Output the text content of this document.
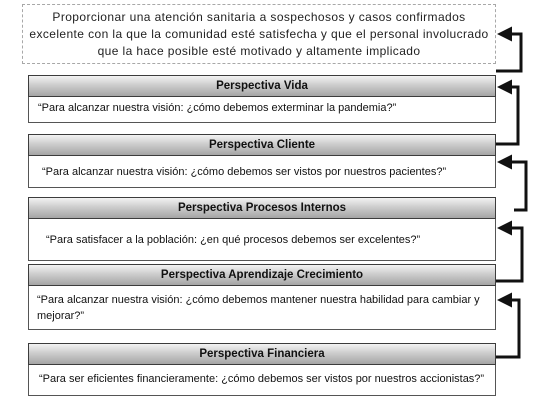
Proporcionar una atención sanitaria a sospechosos y casos confirmados excelente con la que la comunidad esté satisfecha y que el personal involucrado que la hace posible esté motivado y altamente implicado
Perspectiva Vida
“Para alcanzar nuestra visión: ¿cómo debemos exterminar la pandemia?”
Perspectiva Cliente
“Para alcanzar nuestra visión: ¿cómo debemos ser vistos por nuestros pacientes?”
Perspectiva Procesos Internos
“Para satisfacer a la población: ¿en qué procesos debemos ser excelentes?”
Perspectiva Aprendizaje Crecimiento
“Para alcanzar nuestra visión: ¿cómo debemos mantener nuestra habilidad para cambiar y mejorar?”
Perspectiva Financiera
“Para ser eficientes financieramente: ¿cómo debemos ser vistos por nuestros accionistas?”
